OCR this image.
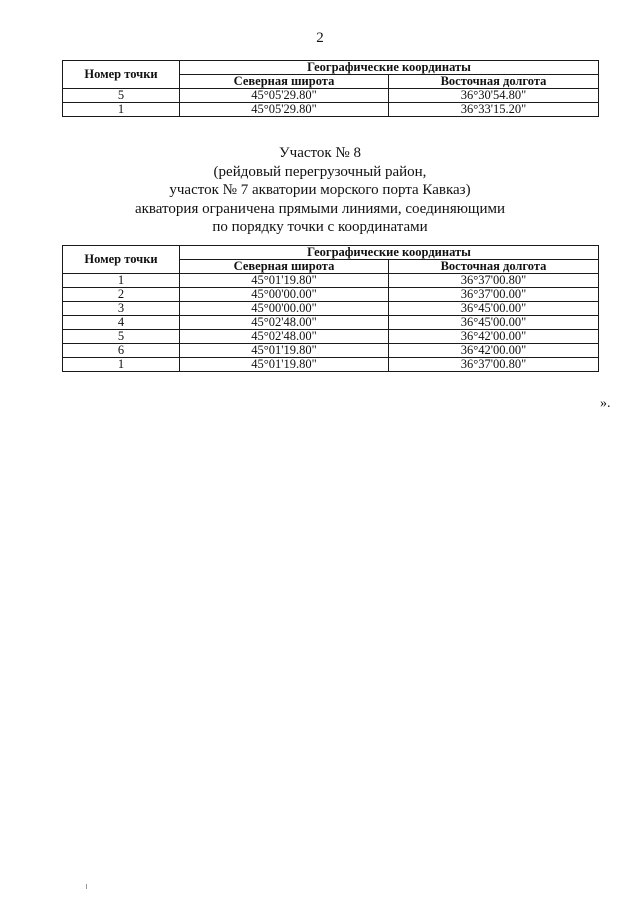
2
Номер точки	Географические координаты	
	Северная широта	Восточная долгота
5	45°05'29.80"	36°30'54.80"
1	45°05'29.80"	36°33'15.20"
Участок № 8
(рейдовый перегрузочный район,
участок № 7 акватории морского порта Кавказ)
акватория ограничена прямыми линиями, соединяющими
по порядку точки с координатами
Номер точки	Географические координаты	
	Северная широта	Восточная долгота
1	45°01'19.80"	36°37'00.80"
2	45°00'00.00"	36°37'00.00"
3	45°00'00.00"	36°45'00.00"
4	45°02'48.00"	36°45'00.00"
5	45°02'48.00"	36°42'00.00"
6	45°01'19.80"	36°42'00.00"
1	45°01'19.80"	36°37'00.80"
».
